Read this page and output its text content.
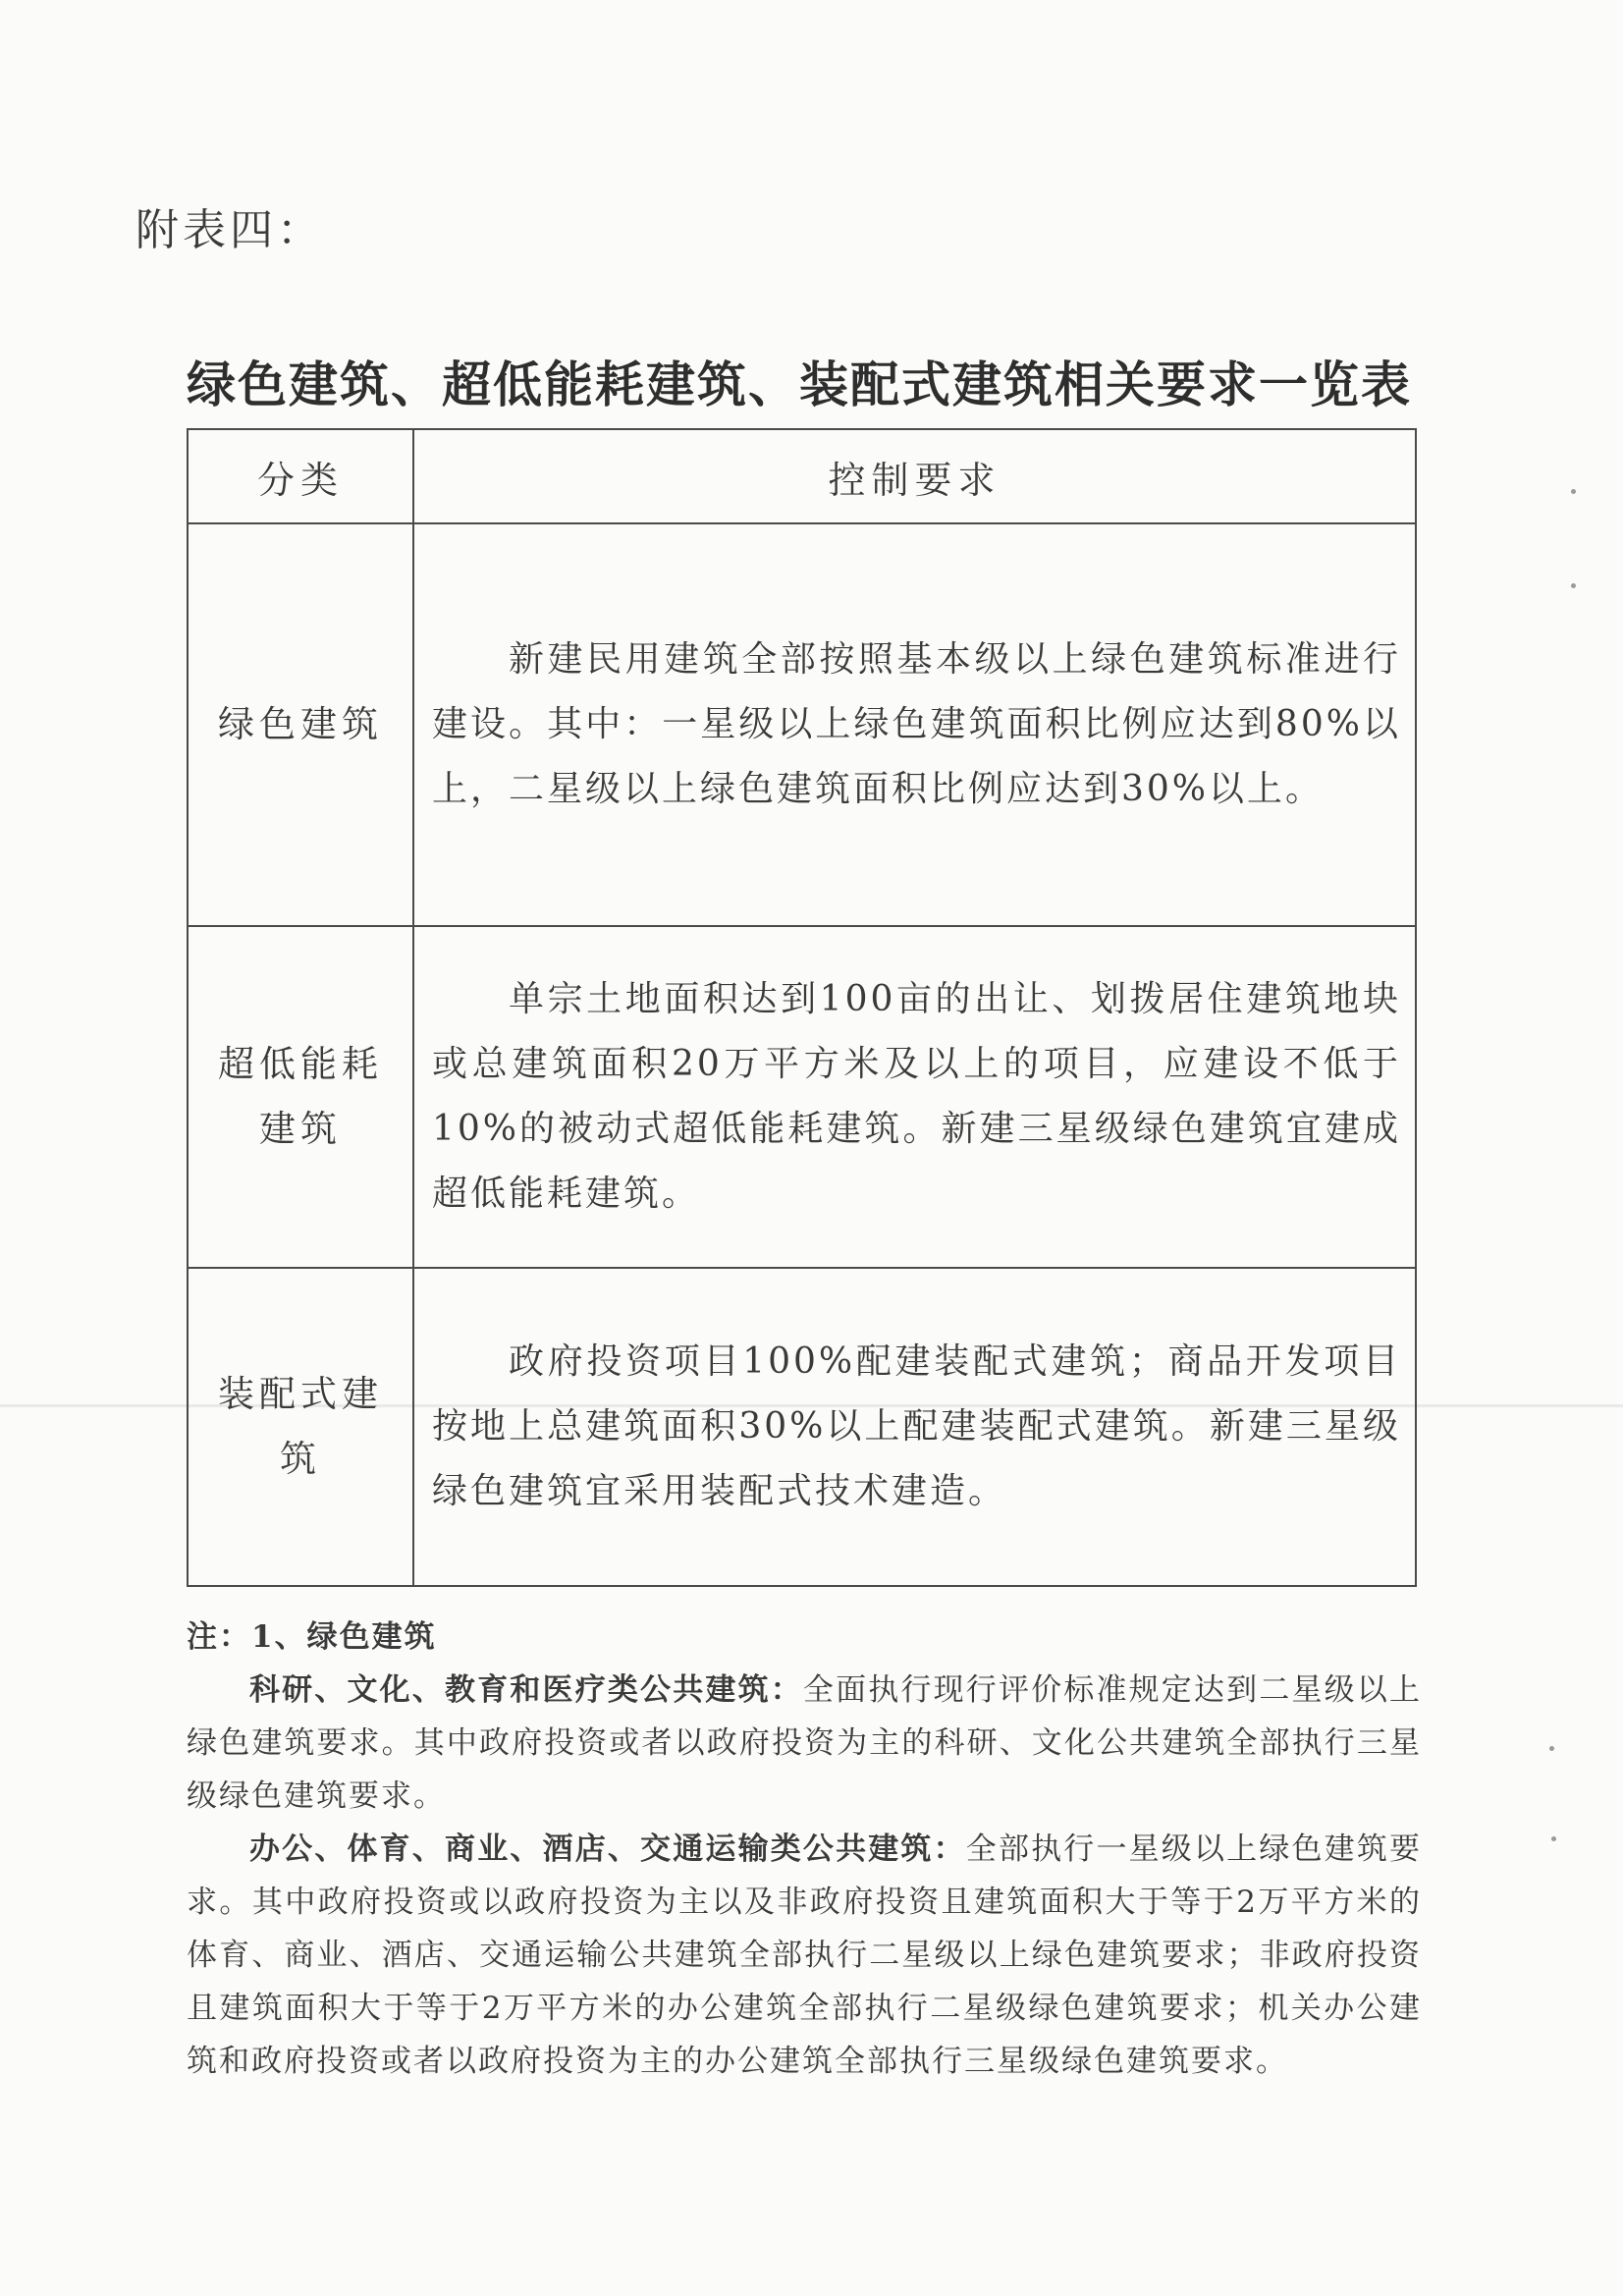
附表四：
绿色建筑、超低能耗建筑、装配式建筑相关要求一览表
分类	控制要求
绿色建筑	新建民用建筑全部按照基本级以上绿色建筑标准进行建设。其中：一星级以上绿色建筑面积比例应达到80%以上，二星级以上绿色建筑面积比例应达到30%以上。
超低能耗建筑	单宗土地面积达到100亩的出让、划拨居住建筑地块或总建筑面积20万平方米及以上的项目，应建设不低于10%的被动式超低能耗建筑。新建三星级绿色建筑宜建成超低能耗建筑。
装配式建筑	政府投资项目100%配建装配式建筑；商品开发项目按地上总建筑面积30%以上配建装配式建筑。新建三星级绿色建筑宜采用装配式技术建造。

注：1、绿色建筑

科研、文化、教育和医疗类公共建筑：全面执行现行评价标准规定达到二星级以上绿色建筑要求。其中政府投资或者以政府投资为主的科研、文化公共建筑全部执行三星级绿色建筑要求。

办公、体育、商业、酒店、交通运输类公共建筑：全部执行一星级以上绿色建筑要求。其中政府投资或以政府投资为主以及非政府投资且建筑面积大于等于2万平方米的体育、商业、酒店、交通运输公共建筑全部执行二星级以上绿色建筑要求；非政府投资且建筑面积大于等于2万平方米的办公建筑全部执行二星级绿色建筑要求；机关办公建筑和政府投资或者以政府投资为主的办公建筑全部执行三星级绿色建筑要求。
